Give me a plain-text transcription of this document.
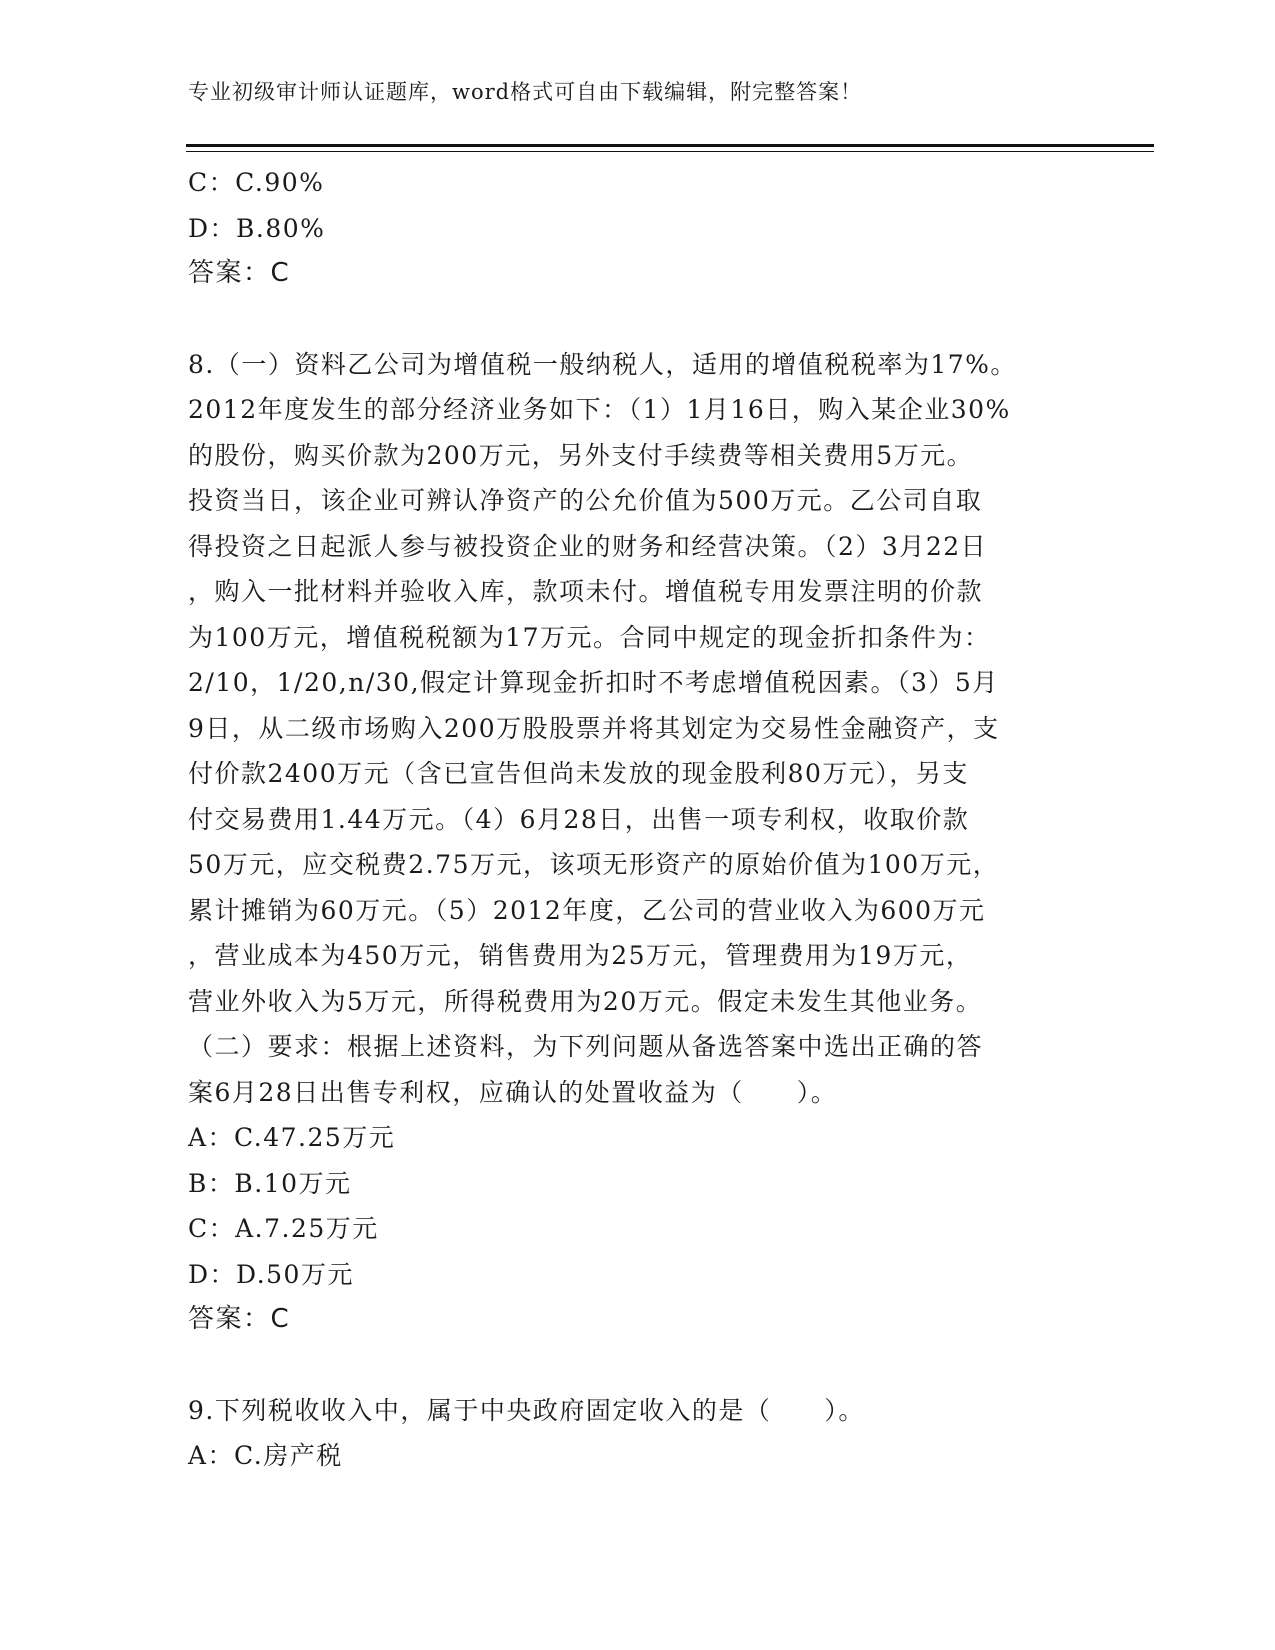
专业初级审计师认证题库，word格式可自由下载编辑，附完整答案！
C：C.90%
D：B.80%
答案：C
8.（一）资料乙公司为增值税一般纳税人，适用的增值税税率为17%。
2012年度发生的部分经济业务如下：（1）1月16日，购入某企业30%
的股份，购买价款为200万元，另外支付手续费等相关费用5万元。
投资当日，该企业可辨认净资产的公允价值为500万元。乙公司自取
得投资之日起派人参与被投资企业的财务和经营决策。（2）3月22日
，购入一批材料并验收入库，款项未付。增值税专用发票注明的价款
为100万元，增值税税额为17万元。合同中规定的现金折扣条件为：
2/10，1/20,n/30,假定计算现金折扣时不考虑增值税因素。（3）5月
9日，从二级市场购入200万股股票并将其划定为交易性金融资产，支
付价款2400万元（含已宣告但尚未发放的现金股利80万元），另支
付交易费用1.44万元。（4）6月28日，出售一项专利权，收取价款
50万元，应交税费2.75万元，该项无形资产的原始价值为100万元，
累计摊销为60万元。（5）2012年度，乙公司的营业收入为600万元
，营业成本为450万元，销售费用为25万元，管理费用为19万元，
营业外收入为5万元，所得税费用为20万元。假定未发生其他业务。
（二）要求：根据上述资料，为下列问题从备选答案中选出正确的答
案6月28日出售专利权，应确认的处置收益为（　　）。
A：C.47.25万元
B：B.10万元
C：A.7.25万元
D：D.50万元
答案：C
9.下列税收收入中，属于中央政府固定收入的是（　　）。
A：C.房产税
